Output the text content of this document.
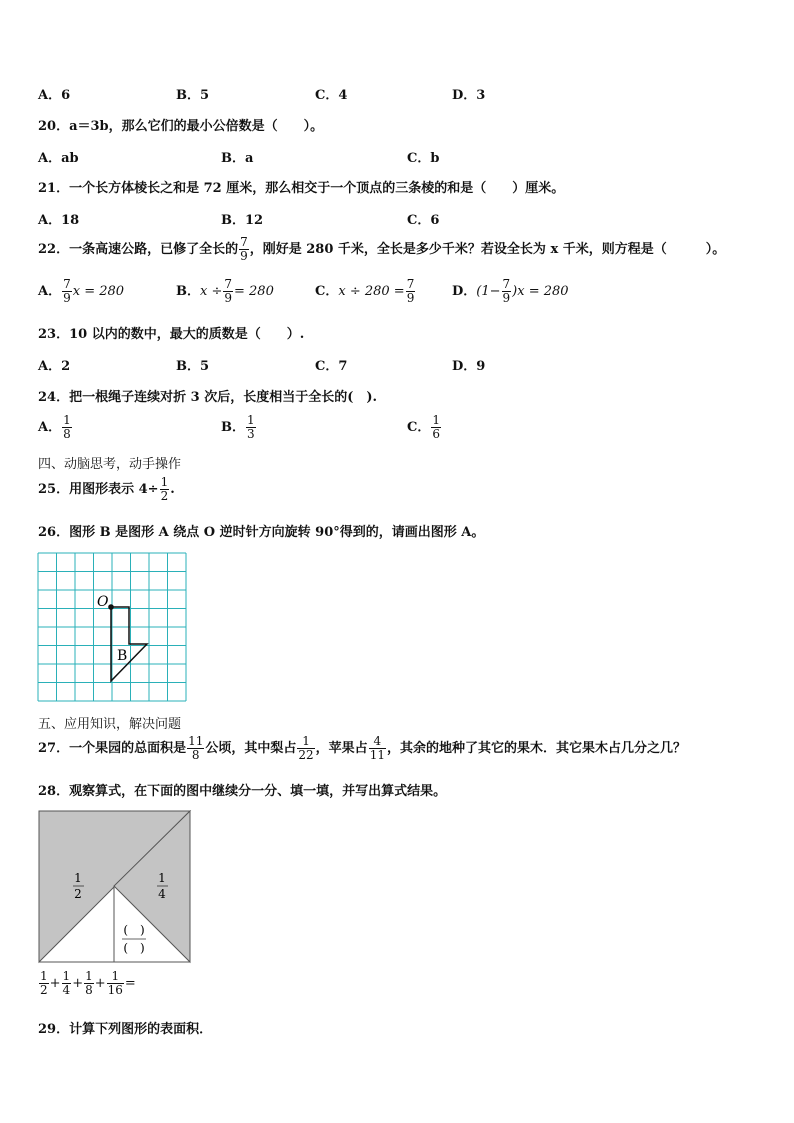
A．6	B．5	C．4	D．3
20．a＝3b，那么它们的最小公倍数是（　　）。
A．ab	B．a	C．b
21．一个长方体棱长之和是 72 厘米，那么相交于一个顶点的三条棱的和是（　　）厘米。
A．18	B．12	C．6
22．一条高速公路，已修了全长的 $\frac{7}{9}$ ，刚好是 280 千米，全长是多少千米？若设全长为 x 千米，则方程是（　　　）。
A． $\frac{7}{9}$ x = 280	B．$x \div \frac{7}{9} = 280$	C．$x \div 280 = \frac{7}{9}$	D．$(1- \frac{7}{9} )x = 280$
23．10 以内的数中，最大的质数是（　　）.
A．2	B．5	C．7	D．9
24．把一根绳子连续对折 3 次后，长度相当于全长的(　).
A． $\frac{1}{8}$	B． $\frac{1}{3}$	C． $\frac{1}{6}$
四、动脑思考，动手操作
25．用图形表示 $4\div \frac{1}{2}$ .
26．图形 B 是图形 A 绕点 O 逆时针方向旋转 90°得到的，请画出图形 A。
O
B
五、应用知识，解决问题
27．一个果园的总面积是 $\frac{11}{8}$ 公顷，其中梨占 $\frac{1}{22}$ ，苹果占 $\frac{4}{11}$ ，其余的地种了其它的果木．其它果木占几分之几？
28．观察算式，在下面的图中继续分一分、填一填，并写出算式结果。
1
2
1
4
(　)
(　)
$\frac{1}{2} + \frac{1}{4} + \frac{1}{8} + \frac{1}{16}$ =
29．计算下列图形的表面积．
